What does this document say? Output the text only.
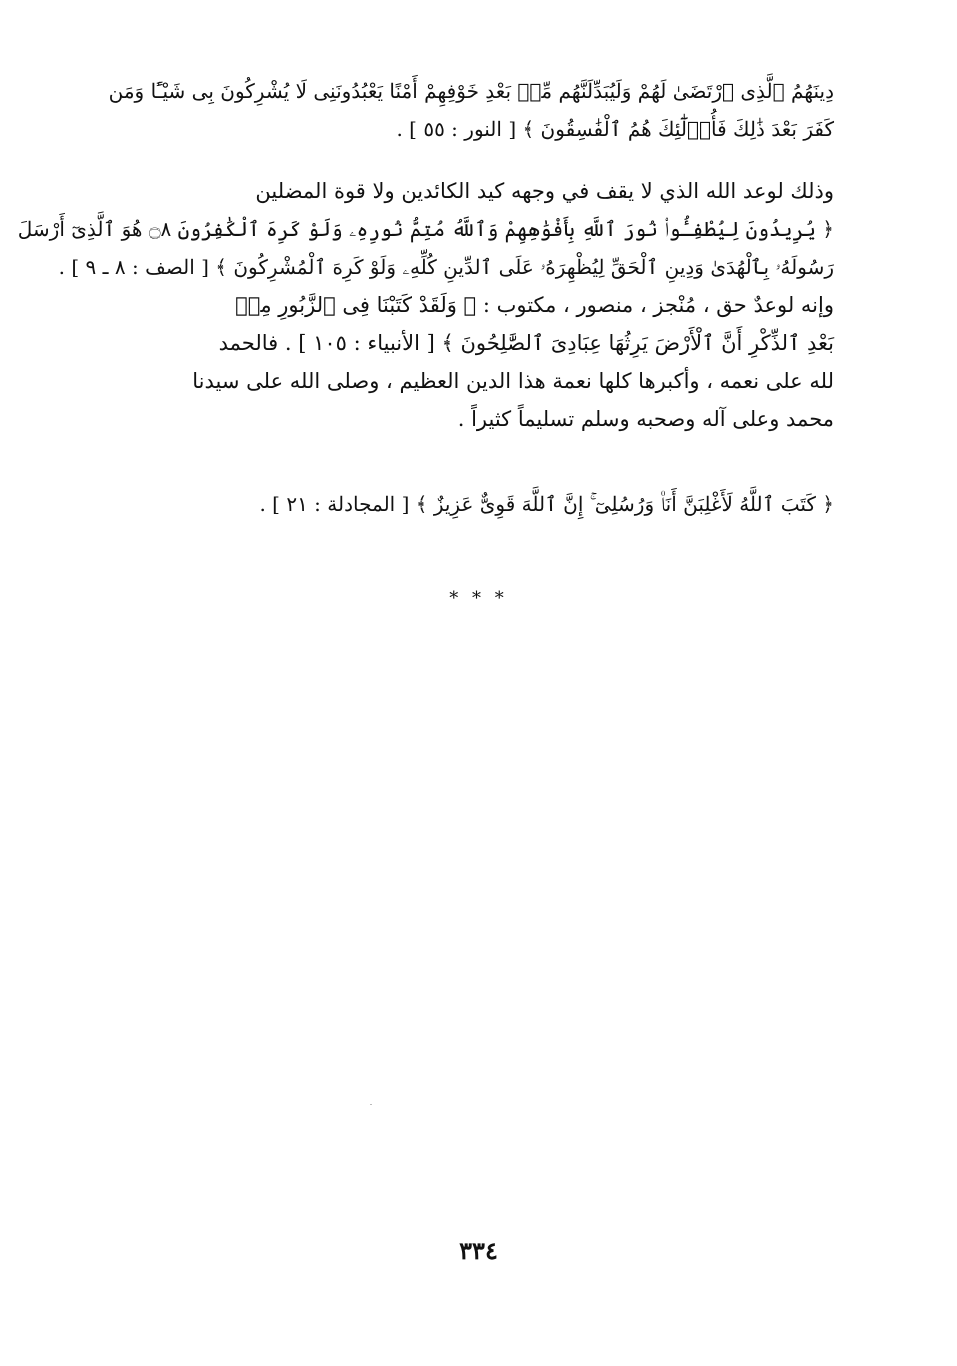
دِينَهُمُ ٱلَّذِى ٱرْتَضَىٰ لَهُمْ وَلَيُبَدِّلَنَّهُم مِّنۢ بَعْدِ خَوْفِهِمْ أَمْنًا يَعْبُدُونَنِى لَا يُشْرِكُونَ بِى شَيْـًٔا وَمَن
كَفَرَ بَعْدَ ذَٰلِكَ فَأُو۟لَٰٓئِكَ هُمُ ٱلْفَٰسِقُونَ ﴾ [ النور : ٥٥ ] .
وذلك لوعد الله الذي لا يقف في وجهه كيد الكائدين ولا قوة المضلين
﴿ يُرِيدُونَ لِيُطْفِـُٔوا۟ نُورَ ٱللَّهِ بِأَفْوَٰهِهِمْ وَٱللَّهُ مُتِمُّ نُورِهِۦ وَلَوْ كَرِهَ ٱلْكَٰفِرُونَ ۝٨ هُوَ ٱلَّذِىٓ أَرْسَلَ
رَسُولَهُۥ بِٱلْهُدَىٰ وَدِينِ ٱلْحَقِّ لِيُظْهِرَهُۥ عَلَى ٱلدِّينِ كُلِّهِۦ وَلَوْ كَرِهَ ٱلْمُشْرِكُونَ ﴾ [ الصف : ٨ ـ ٩ ] .
وإنه لوعدٌ حق ، مُنْجز ، منصور ، مكتوب : ﴿ وَلَقَدْ كَتَبْنَا فِى ٱلزَّبُورِ مِنۢ
بَعْدِ ٱلذِّكْرِ أَنَّ ٱلْأَرْضَ يَرِثُهَا عِبَادِىَ ٱلصَّٰلِحُونَ ﴾ [ الأنبياء : ١٠٥ ] . فالحمد
لله على نعمه ، وأكبرها كلها نعمة هذا الدين العظيم ، وصلى الله على سيدنا
محمد وعلى آله وصحبه وسلم تسليماً كثيراً .
﴿ كَتَبَ ٱللَّهُ لَأَغْلِبَنَّ أَنَا۠ وَرُسُلِىٓ ۚ إِنَّ ٱللَّهَ قَوِىٌّ عَزِيزٌ ﴾ [ المجادلة : ٢١ ] .
* * *
٣٣٤
